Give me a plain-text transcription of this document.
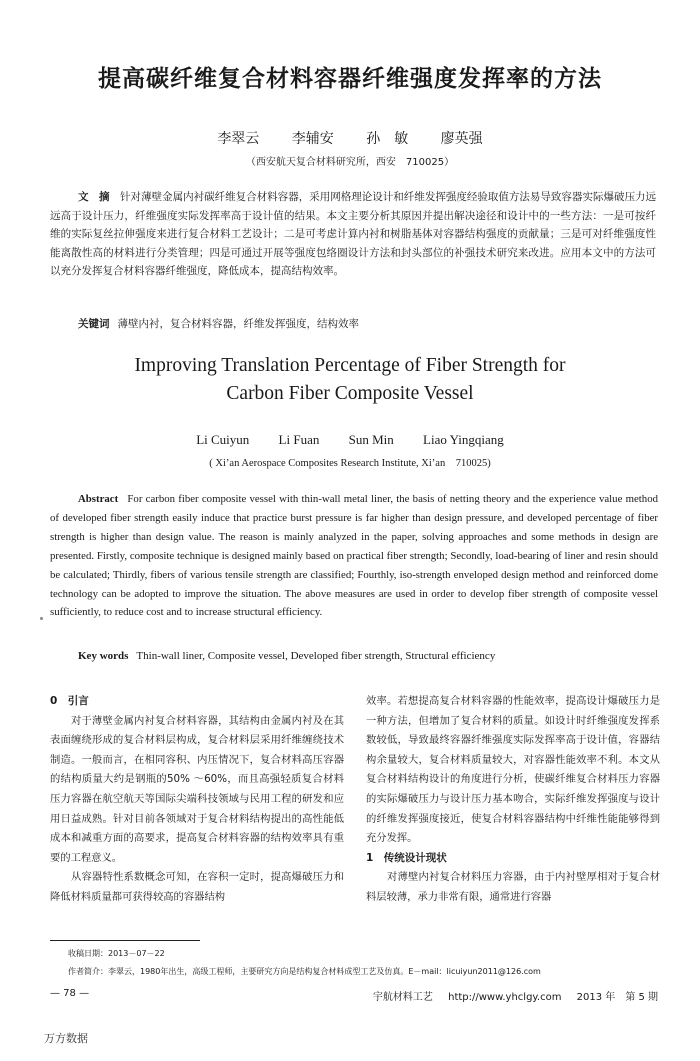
提高碳纤维复合材料容器纤维强度发挥率的方法
李翠云 李辅安 孙　敏 廖英强
（西安航天复合材料研究所，西安　710025）

文　摘　 针对薄壁金属内衬碳纤维复合材料容器，采用网格理论设计和纤维发挥强度经验取值方法易导致容器实际爆破压力远远高于设计压力，纤维强度实际发挥率高于设计值的结果。本文主要分析其原因并提出解决途径和设计中的一些方法：一是可按纤维的实际复丝拉伸强度来进行复合材料工艺设计；二是可考虑计算内衬和树脂基体对容器结构强度的贡献量；三是可对纤维强度性能离散性高的材料进行分类管理；四是可通过开展等强度包络圈设计方法和封头部位的补强技术研究来改进。应用本文中的方法可以充分发挥复合材料容器纤维强度，降低成本，提高结构效率。

关键词 薄壁内衬，复合材料容器，纤维发挥强度，结构效率
Improving Translation Percentage of Fiber Strength for
Carbon Fiber Composite Vessel
Li Cuiyun Li Fuan Sun Min Liao Yingqiang
( Xi’an Aerospace Composites Research Institute, Xi’an　710025)

Abstract For carbon fiber composite vessel with thin-wall metal liner, the basis of netting theory and the experience value method of developed fiber strength easily induce that practice burst pressure is far higher than design pressure, and developed percentage of fiber strength is higher than design value. The reason is mainly analyzed in the paper, solving approaches and some methods in design are presented. Firstly, composite technique is designed mainly based on practical fiber strength; Secondly, load-bearing of liner and resin should be calculated; Thirdly, fibers of various tensile strength are classified; Fourthly, iso-strength enveloped design method and reinforced dome technology can be adopted to improve the situation. The above measures are used in order to develop fiber strength of composite vessel sufficiently, to reduce cost and to increase structural efficiency.

Key words Thin-wall liner, Composite vessel, Developed fiber strength, Structural efficiency
0　引言

对于薄壁金属内衬复合材料容器，其结构由金属内衬及在其表面缠绕形成的复合材料层构成，复合材料层采用纤维缠绕技术制造。一般而言，在相同容积、内压情况下，复合材料高压容器的结构质量大约是钢瓶的50% ～60%，而且高强轻质复合材料压力容器在航空航天等国际尖端科技领域与民用工程的研发和应用日益成熟。针对目前各领域对于复合材料结构提出的高性能低成本和减重方面的高要求，提高复合材料容器的结构效率具有重要的工程意义。

从容器特性系数概念可知，在容积一定时，提高爆破压力和降低材料质量都可获得较高的容器结构

效率。若想提高复合材料容器的性能效率，提高设计爆破压力是一种方法，但增加了复合材料的质量。如设计时纤维强度发挥系数较低，导致最终容器纤维强度实际发挥率高于设计值，容器结构余量较大，复合材料质量较大，对容器性能效率不利。本文从复合材料结构设计的角度进行分析，使碳纤维复合材料压力容器的实际爆破压力与设计压力基本吻合，实际纤维发挥强度与设计的纤维发挥强度接近，使复合材料容器结构中纤维性能能够得到充分发挥。

1　传统设计现状

对薄壁内衬复合材料压力容器，由于内衬壁厚相对于复合材料层较薄，承力非常有限，通常进行容器

收稿日期：2013－07－22
作者简介：李翠云，1980年出生，高级工程师，主要研究方向是结构复合材料成型工艺及仿真。E－mail：licuiyun2011@126.com
— 78 —	宇航材料工艺 http://www.yhclgy.com 2013 年　第 5 期
万方数据
